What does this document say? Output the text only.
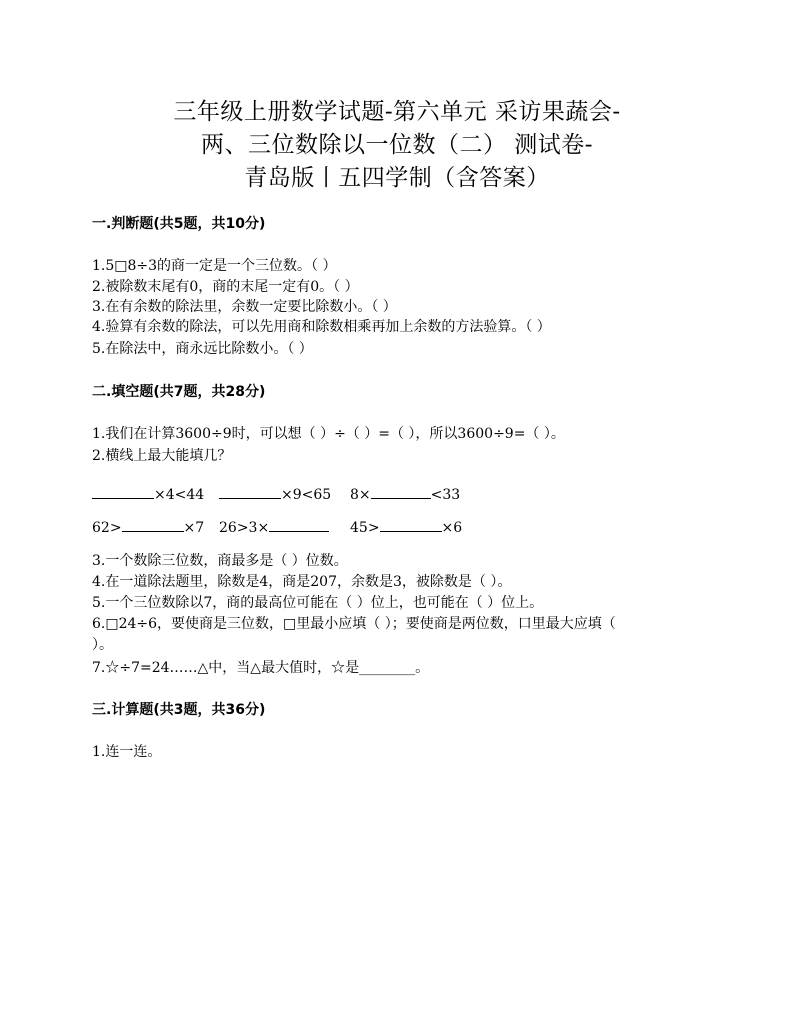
三年级上册数学试题-第六单元 采访果蔬会-
两、三位数除以一位数（二） 测试卷-
青岛版丨五四学制（含答案）
一.判断题(共5题，共10分)
1.5□8÷3的商一定是一个三位数。（ ）
2.被除数末尾有0，商的末尾一定有0。（ ）
3.在有余数的除法里，余数一定要比除数小。（ ）
4.验算有余数的除法，可以先用商和除数相乘再加上余数的方法验算。（ ）
5.在除法中，商永远比除数小。（ ）
二.填空题(共7题，共28分)
1.我们在计算3600÷9时，可以想（ ）÷（ ）=（ ），所以3600÷9=（ ）。
2.横线上最大能填几？
×4<44	×9<65 8×	<33
62>	×7 26>3×	45>	×6
3.一个数除三位数，商最多是（ ）位数。
4.在一道除法题里，除数是4，商是207，余数是3，被除数是（ ）。
5.一个三位数除以7，商的最高位可能在（ ）位上，也可能在（ ）位上。
6.□24÷6，要使商是三位数，□里最小应填（ ）；要使商是两位数，口里最大应填（
）。
7.☆÷7=24……△中，当△最大值时，☆是________。
三.计算题(共3题，共36分)
1.连一连。
